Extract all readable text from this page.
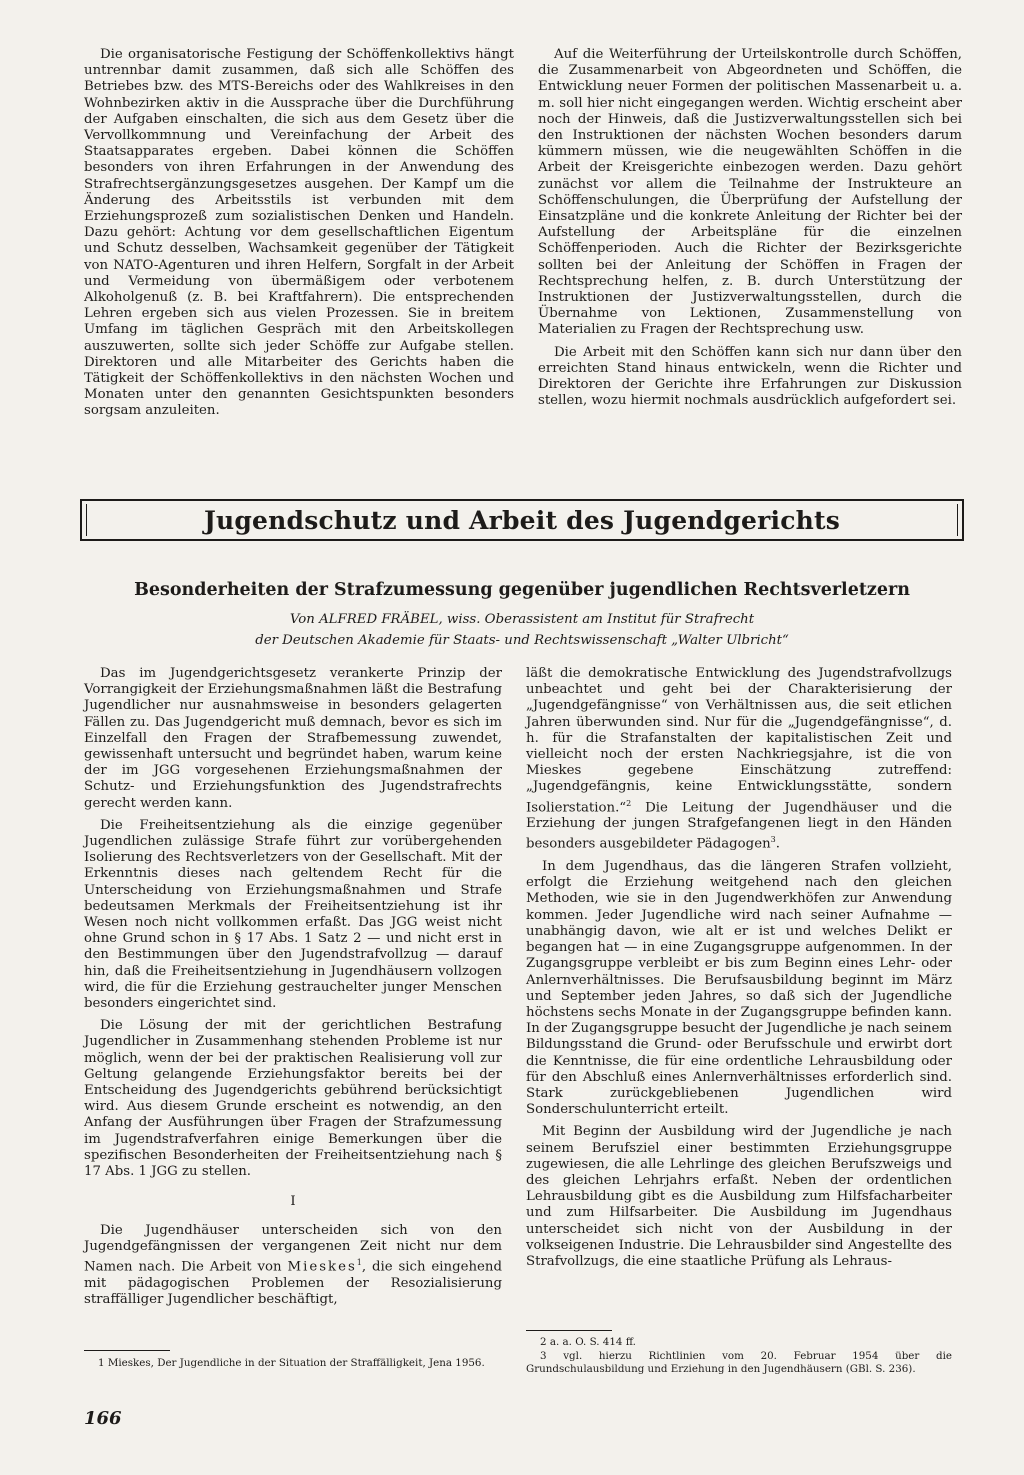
Die organisatorische Festigung der Schöffenkollektivs hängt untrennbar damit zusammen, daß sich alle Schöffen des Betriebes bzw. des MTS-Bereichs oder des Wahlkreises in den Wohnbezirken aktiv in die Aussprache über die Durchführung der Aufgaben einschalten, die sich aus dem Gesetz über die Vervollkommnung und Vereinfachung der Arbeit des Staatsapparates ergeben. Dabei können die Schöffen besonders von ihren Erfahrungen in der Anwendung des Strafrechtsergänzungsgesetzes ausgehen. Der Kampf um die Änderung des Arbeitsstils ist verbunden mit dem Erziehungsprozeß zum sozialistischen Denken und Handeln. Dazu gehört: Achtung vor dem gesellschaftlichen Eigentum und Schutz desselben, Wachsamkeit gegenüber der Tätigkeit von NATO-Agenturen und ihren Helfern, Sorgfalt in der Arbeit und Vermeidung von übermäßigem oder verbotenem Alkoholgenuß (z. B. bei Kraftfahrern). Die entsprechenden Lehren ergeben sich aus vielen Prozessen. Sie in breitem Umfang im täglichen Gespräch mit den Arbeitskollegen auszuwerten, sollte sich jeder Schöffe zur Aufgabe stellen. Direktoren und alle Mitarbeiter des Gerichts haben die Tätigkeit der Schöffenkollektivs in den nächsten Wochen und Monaten unter den genannten Gesichtspunkten besonders sorgsam anzuleiten.

Auf die Weiterführung der Urteilskontrolle durch Schöffen, die Zusammenarbeit von Abgeordneten und Schöffen, die Entwicklung neuer Formen der politischen Massenarbeit u. a. m. soll hier nicht eingegangen werden. Wichtig erscheint aber noch der Hinweis, daß die Justizverwaltungsstellen sich bei den Instruktionen der nächsten Wochen besonders darum kümmern müssen, wie die neugewählten Schöffen in die Arbeit der Kreisgerichte einbezogen werden. Dazu gehört zunächst vor allem die Teilnahme der Instrukteure an Schöffenschulungen, die Überprüfung der Aufstellung der Einsatzpläne und die konkrete Anleitung der Richter bei der Aufstellung der Arbeitspläne für die einzelnen Schöffenperioden. Auch die Richter der Bezirksgerichte sollten bei der Anleitung der Schöffen in Fragen der Rechtsprechung helfen, z. B. durch Unterstützung der Instruktionen der Justizverwaltungsstellen, durch die Übernahme von Lektionen, Zusammenstellung von Materialien zu Fragen der Rechtsprechung usw.

Die Arbeit mit den Schöffen kann sich nur dann über den erreichten Stand hinaus entwickeln, wenn die Richter und Direktoren der Gerichte ihre Erfahrungen zur Diskussion stellen, wozu hiermit nochmals ausdrücklich aufgefordert sei.

Jugendschutz und Arbeit des Jugendgerichts
Besonderheiten der Strafzumessung gegenüber jugendlichen Rechtsverletzern
Von ALFRED FRÄBEL, wiss. Oberassistent am Institut für Strafrecht
der Deutschen Akademie für Staats- und Rechtswissenschaft „Walter Ulbricht“

Das im Jugendgerichtsgesetz verankerte Prinzip der Vorrangigkeit der Erziehungsmaßnahmen läßt die Bestrafung Jugendlicher nur ausnahmsweise in besonders gelagerten Fällen zu. Das Jugendgericht muß demnach, bevor es sich im Einzelfall den Fragen der Strafbemessung zuwendet, gewissenhaft untersucht und begründet haben, warum keine der im JGG vorgesehenen Erziehungsmaßnahmen der Schutz- und Erziehungsfunktion des Jugendstrafrechts gerecht werden kann.

Die Freiheitsentziehung als die einzige gegenüber Jugendlichen zulässige Strafe führt zur vorübergehenden Isolierung des Rechtsverletzers von der Gesellschaft. Mit der Erkenntnis dieses nach geltendem Recht für die Unterscheidung von Erziehungsmaßnahmen und Strafe bedeutsamen Merkmals der Freiheitsentziehung ist ihr Wesen noch nicht vollkommen erfaßt. Das JGG weist nicht ohne Grund schon in § 17 Abs. 1 Satz 2 — und nicht erst in den Bestimmungen über den Jugendstrafvollzug — darauf hin, daß die Freiheitsentziehung in Jugendhäusern vollzogen wird, die für die Erziehung gestrauchelter junger Menschen besonders eingerichtet sind.

Die Lösung der mit der gerichtlichen Bestrafung Jugendlicher in Zusammenhang stehenden Probleme ist nur möglich, wenn der bei der praktischen Realisierung voll zur Geltung gelangende Erziehungsfaktor bereits bei der Entscheidung des Jugendgerichts gebührend berücksichtigt wird. Aus diesem Grunde erscheint es notwendig, an den Anfang der Ausführungen über Fragen der Strafzumessung im Jugendstrafverfahren einige Bemerkungen über die spezifischen Besonderheiten der Freiheitsentziehung nach § 17 Abs. 1 JGG zu stellen.

I

Die Jugendhäuser unterscheiden sich von den Jugendgefängnissen der vergangenen Zeit nicht nur dem Namen nach. Die Arbeit von Mieskes$^1$, die sich eingehend mit pädagogischen Problemen der Resozialisierung straffälliger Jugendlicher beschäftigt,

läßt die demokratische Entwicklung des Jugendstrafvollzugs unbeachtet und geht bei der Charakterisierung der „Jugendgefängnisse“ von Verhältnissen aus, die seit etlichen Jahren überwunden sind. Nur für die „Jugendgefängnisse“, d. h. für die Strafanstalten der kapitalistischen Zeit und vielleicht noch der ersten Nachkriegsjahre, ist die von Mieskes gegebene Einschätzung zutreffend: „Jugendgefängnis, keine Entwicklungsstätte, sondern Isolierstation.“$^2$ Die Leitung der Jugendhäuser und die Erziehung der jungen Strafgefangenen liegt in den Händen besonders ausgebildeter Pädagogen$^3$.

In dem Jugendhaus, das die längeren Strafen vollzieht, erfolgt die Erziehung weitgehend nach den gleichen Methoden, wie sie in den Jugendwerkhöfen zur Anwendung kommen. Jeder Jugendliche wird nach seiner Aufnahme — unabhängig davon, wie alt er ist und welches Delikt er begangen hat — in eine Zugangsgruppe aufgenommen. In der Zugangsgruppe verbleibt er bis zum Beginn eines Lehr- oder Anlernverhältnisses. Die Berufsausbildung beginnt im März und September jeden Jahres, so daß sich der Jugendliche höchstens sechs Monate in der Zugangsgruppe befinden kann. In der Zugangsgruppe besucht der Jugendliche je nach seinem Bildungsstand die Grund- oder Berufsschule und erwirbt dort die Kenntnisse, die für eine ordentliche Lehrausbildung oder für den Abschluß eines Anlernverhältnisses erforderlich sind. Stark zurückgebliebenen Jugendlichen wird Sonderschulunterricht erteilt.

Mit Beginn der Ausbildung wird der Jugendliche je nach seinem Berufsziel einer bestimmten Erziehungsgruppe zugewiesen, die alle Lehrlinge des gleichen Berufszweigs und des gleichen Lehrjahrs erfaßt. Neben der ordentlichen Lehrausbildung gibt es die Ausbildung zum Hilfsfacharbeiter und zum Hilfsarbeiter. Die Ausbildung im Jugendhaus unterscheidet sich nicht von der Ausbildung in der volkseigenen Industrie. Die Lehrausbilder sind Angestellte des Strafvollzugs, die eine staatliche Prüfung als Lehraus-

1 Mieskes, Der Jugendliche in der Situation der Straffälligkeit, Jena 1956.
2 a. a. O. S. 414 ff.
3 vgl. hierzu Richtlinien vom 20. Februar 1954 über die Grundschulausbildung und Erziehung in den Jugendhäusern (GBl. S. 236).
166
